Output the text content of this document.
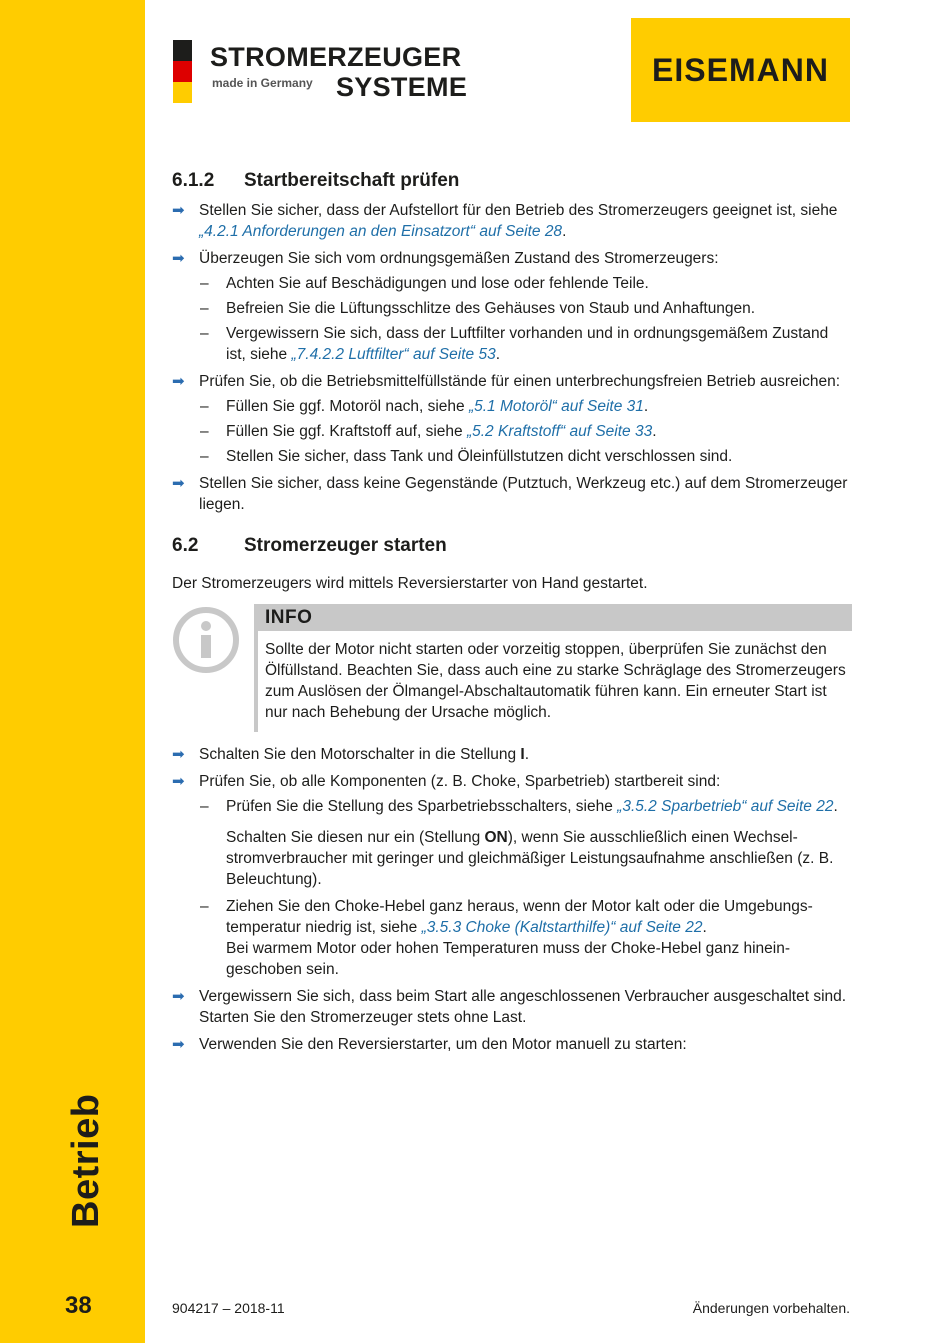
Betrieb
38
STROMERZEUGER
made in Germany SYSTEME	EISEMANN
6.1.2	Startbereitschaft prüfen
➡ Stellen Sie sicher, dass der Aufstellort für den Betrieb des Stromerzeugers geeignet ist, siehe „4.2.1 Anforderungen an den Einsatzort“ auf Seite 28.
➡ Überzeugen Sie sich vom ordnungsgemäßen Zustand des Stromerzeugers:
– Achten Sie auf Beschädigungen und lose oder fehlende Teile.
– Befreien Sie die Lüftungsschlitze des Gehäuses von Staub und Anhaftungen.
– Vergewissern Sie sich, dass der Luftfilter vorhanden und in ordnungsgemäßem Zustand ist, siehe „7.4.2.2 Luftfilter“ auf Seite 53.
➡ Prüfen Sie, ob die Betriebsmittelfüllstände für einen unterbrechungsfreien Betrieb ausreichen:
– Füllen Sie ggf. Motoröl nach, siehe „5.1 Motoröl“ auf Seite 31.
– Füllen Sie ggf. Kraftstoff auf, siehe „5.2 Kraftstoff“ auf Seite 33.
– Stellen Sie sicher, dass Tank und Öleinfüllstutzen dicht verschlossen sind.
➡ Stellen Sie sicher, dass keine Gegenstände (Putztuch, Werkzeug etc.) auf dem Stromerzeuger liegen.
6.2	Stromerzeuger starten

Der Stromerzeugers wird mittels Reversierstarter von Hand gestartet.

INFO
Sollte der Motor nicht starten oder vorzeitig stoppen, überprüfen Sie zunächst den Ölfüllstand. Beachten Sie, dass auch eine zu starke Schräglage des Stromerzeugers zum Auslösen der Ölmangel-Abschaltautomatik führen kann. Ein erneuter Start ist nur nach Behebung der Ursache möglich.
➡ Schalten Sie den Motorschalter in die Stellung I.
➡ Prüfen Sie, ob alle Komponenten (z. B. Choke, Sparbetrieb) startbereit sind:
– Prüfen Sie die Stellung des Sparbetriebsschalters, siehe „3.5.2 Sparbetrieb“ auf Seite 22.
Schalten Sie diesen nur ein (Stellung ON), wenn Sie ausschließlich einen Wechselstromverbraucher mit geringer und gleichmäßiger Leistungsaufnahme anschließen (z. B. Beleuchtung).
– Ziehen Sie den Choke-Hebel ganz heraus, wenn der Motor kalt oder die Umgebungstemperatur niedrig ist, siehe „3.5.3 Choke (Kaltstarthilfe)“ auf Seite 22.
Bei warmem Motor oder hohen Temperaturen muss der Choke-Hebel ganz hineingeschoben sein.
➡ Vergewissern Sie sich, dass beim Start alle angeschlossenen Verbraucher ausgeschaltet sind. Starten Sie den Stromerzeuger stets ohne Last.
➡ Verwenden Sie den Reversierstarter, um den Motor manuell zu starten:
904217 – 2018-11	Änderungen vorbehalten.
